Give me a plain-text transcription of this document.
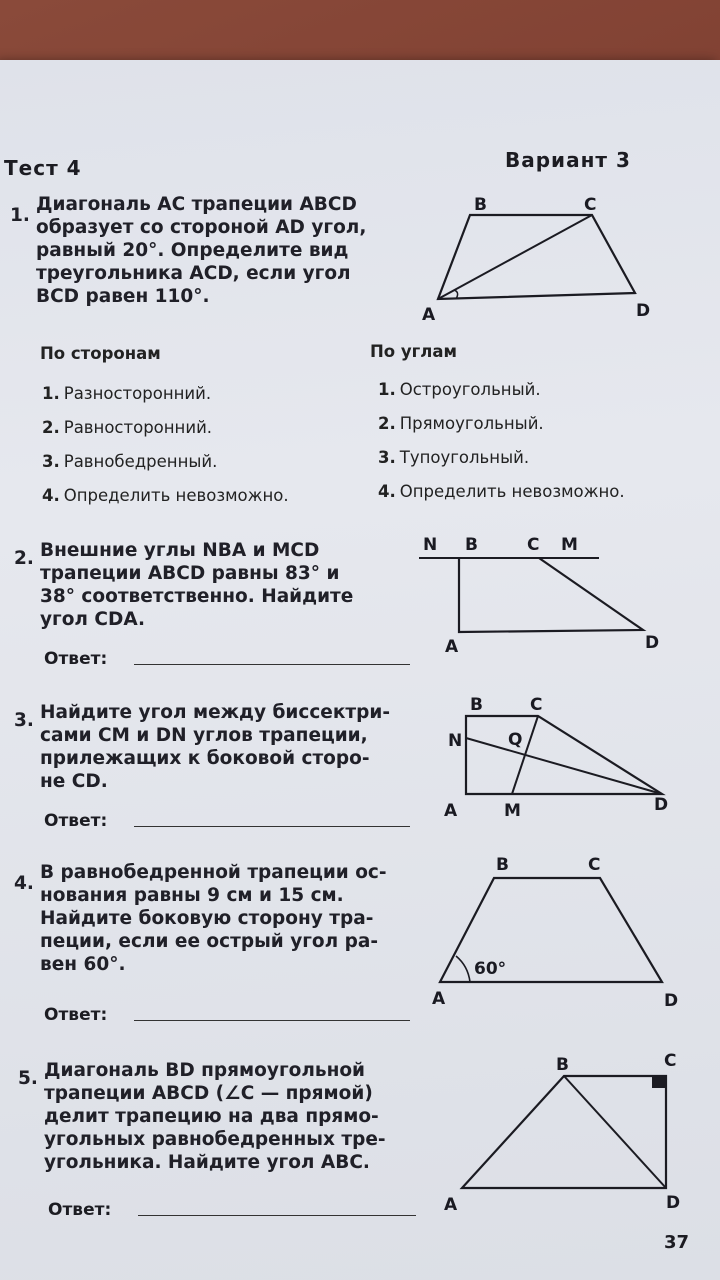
Тест 4	Вариант 3
1.
Диагональ AC трапеции ABCD
образует со стороной AD угол,
равный 20°. Определите вид
треугольника ACD, если угол
BCD равен 110°.
B	C
A	D
По сторонам	По углам
1. Разносторонний.
2. Равносторонний.
3. Равнобедренный.
4. Определить невозможно.
1. Остроугольный.
2. Прямоугольный.
3. Тупоугольный.
4. Определить невозможно.
2. Внешние углы NBA и MCD
трапеции ABCD равны 83° и
38° соответственно. Найдите
угол CDA.
Ответ:
N B	C M
A	D
3. Найдите угол между биссектри-
сами CM и DN углов трапеции,
прилежащих к боковой сторо-
не CD.
Ответ:
B	C
N	Q
A	M	D
4.
В равнобедренной трапеции ос-
нования равны 9 см и 15 см.
Найдите боковую сторону тра-
пеции, если ее острый угол ра-
вен 60°.
Ответ:
60°
B	C
A	D
5. Диагональ BD прямоугольной
трапеции ABCD (∠C — прямой)
делит трапецию на два прямо-
угольных равнобедренных тре-
угольника. Найдите угол ABC.
Ответ:
B	C
A	D
37
